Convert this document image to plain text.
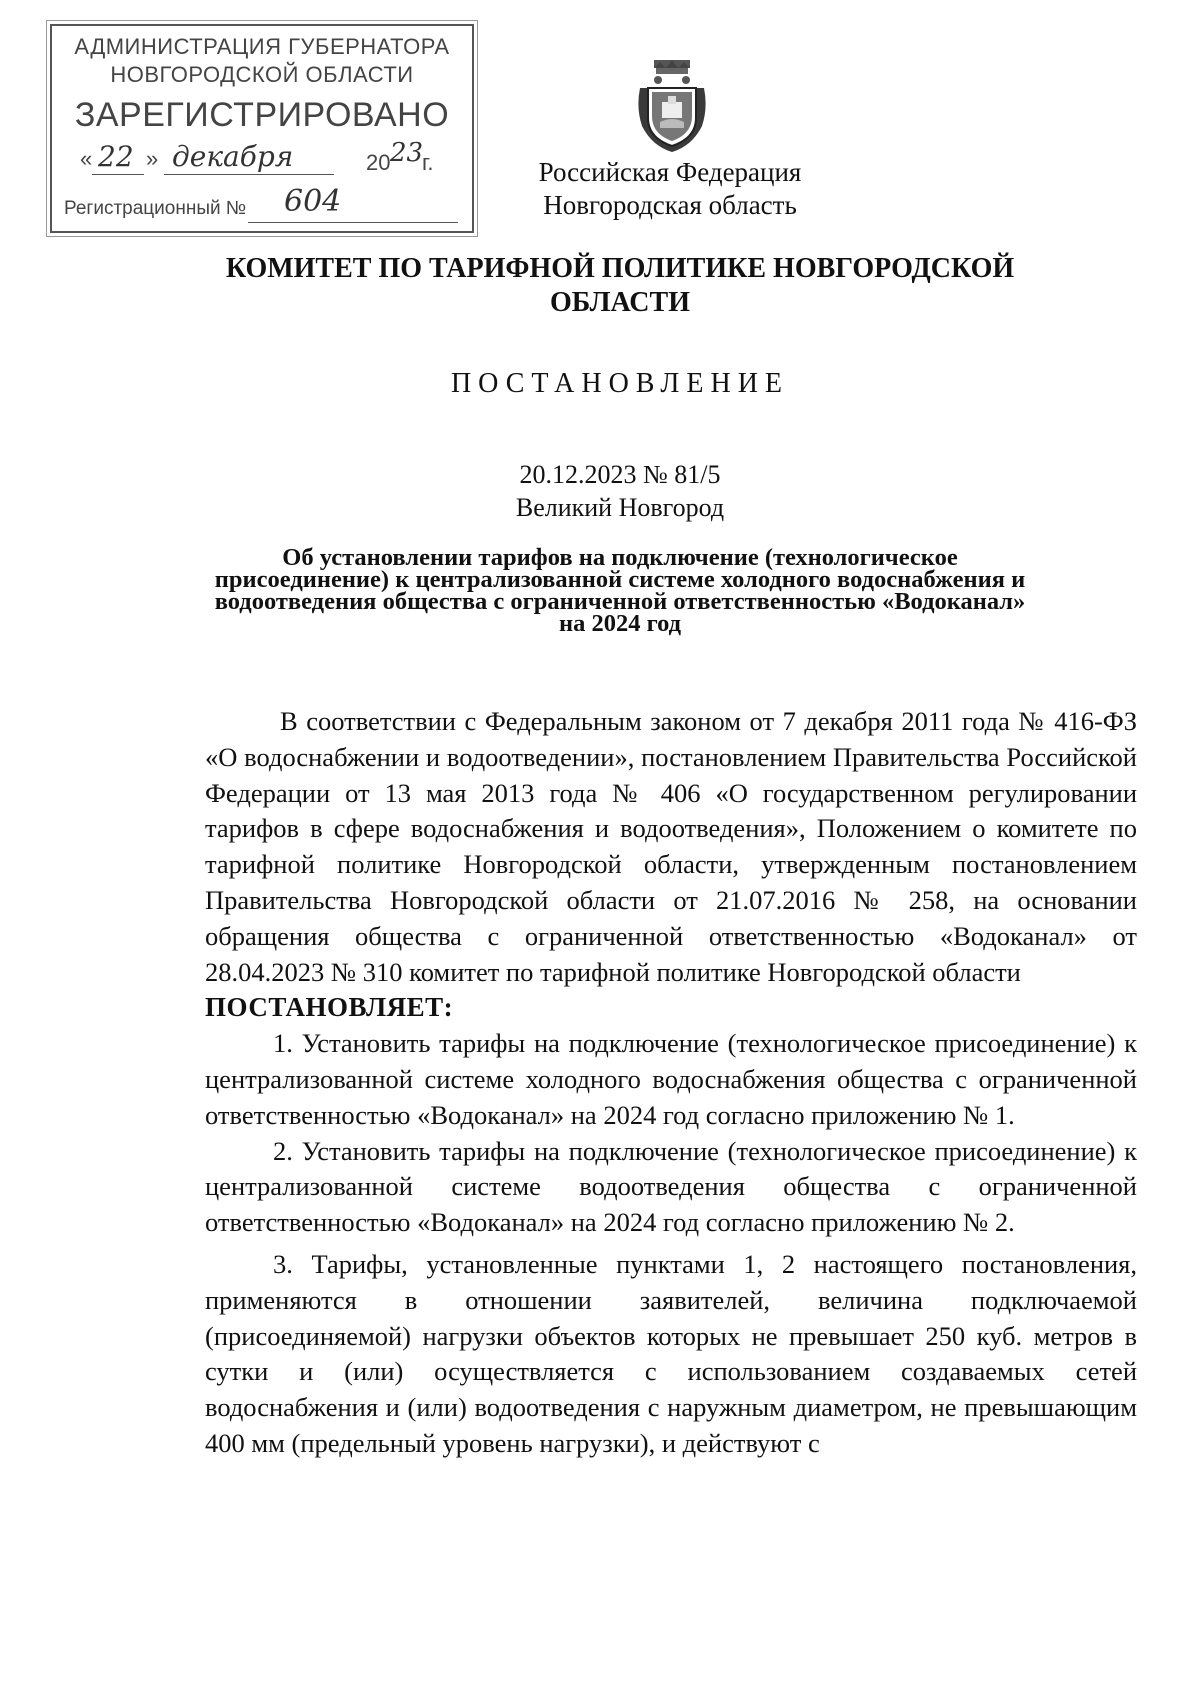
АДМИНИСТРАЦИЯ ГУБЕРНАТОРА
НОВГОРОДСКОЙ ОБЛАСТИ
ЗАРЕГИСТРИРОВАНО
« 22 » декабря	20 23
г.
Регистрационный № 604
Российская Федерация
Новгородская область
КОМИТЕТ ПО ТАРИФНОЙ ПОЛИТИКЕ НОВГОРОДСКОЙ ОБЛАСТИ
ПОСТАНОВЛЕНИЕ
20.12.2023 № 81/5
Великий Новгород
Об установлении тарифов на подключение (технологическое присоединение) к централизованной системе холодного водоснабжения и водоотведения общества с ограниченной ответственностью «Водоканал» на 2024 год

В соответствии с Федеральным законом от 7 декабря 2011 года № 416-ФЗ «О водоснабжении и водоотведении», постановлением Правительства Российской Федерации от 13 мая 2013 года № 406 «О государственном регулировании тарифов в сфере водоснабжения и водоотведения», Положением о комитете по тарифной политике Новгородской области, утвержденным постановлением Правительства Новгородской области от 21.07.2016 № 258, на основании обращения общества с ограниченной ответственностью «Водоканал» от 28.04.2023 № 310 комитет по тарифной политике Новгородской области

ПОСТАНОВЛЯЕТ:

1. Установить тарифы на подключение (технологическое присоединение) к централизованной системе холодного водоснабжения общества с ограниченной ответственностью «Водоканал» на 2024 год согласно приложению № 1.

2. Установить тарифы на подключение (технологическое присоединение) к централизованной системе водоотведения общества с ограниченной ответственностью «Водоканал» на 2024 год согласно приложению № 2.

3. Тарифы, установленные пунктами 1, 2 настоящего постановления, применяются в отношении заявителей, величина подключаемой (присоединяемой) нагрузки объектов которых не превышает 250 куб. метров в сутки и (или) осуществляется с использованием создаваемых сетей водоснабжения и (или) водоотведения с наружным диаметром, не превышающим 400 мм (предельный уровень нагрузки), и действуют с
